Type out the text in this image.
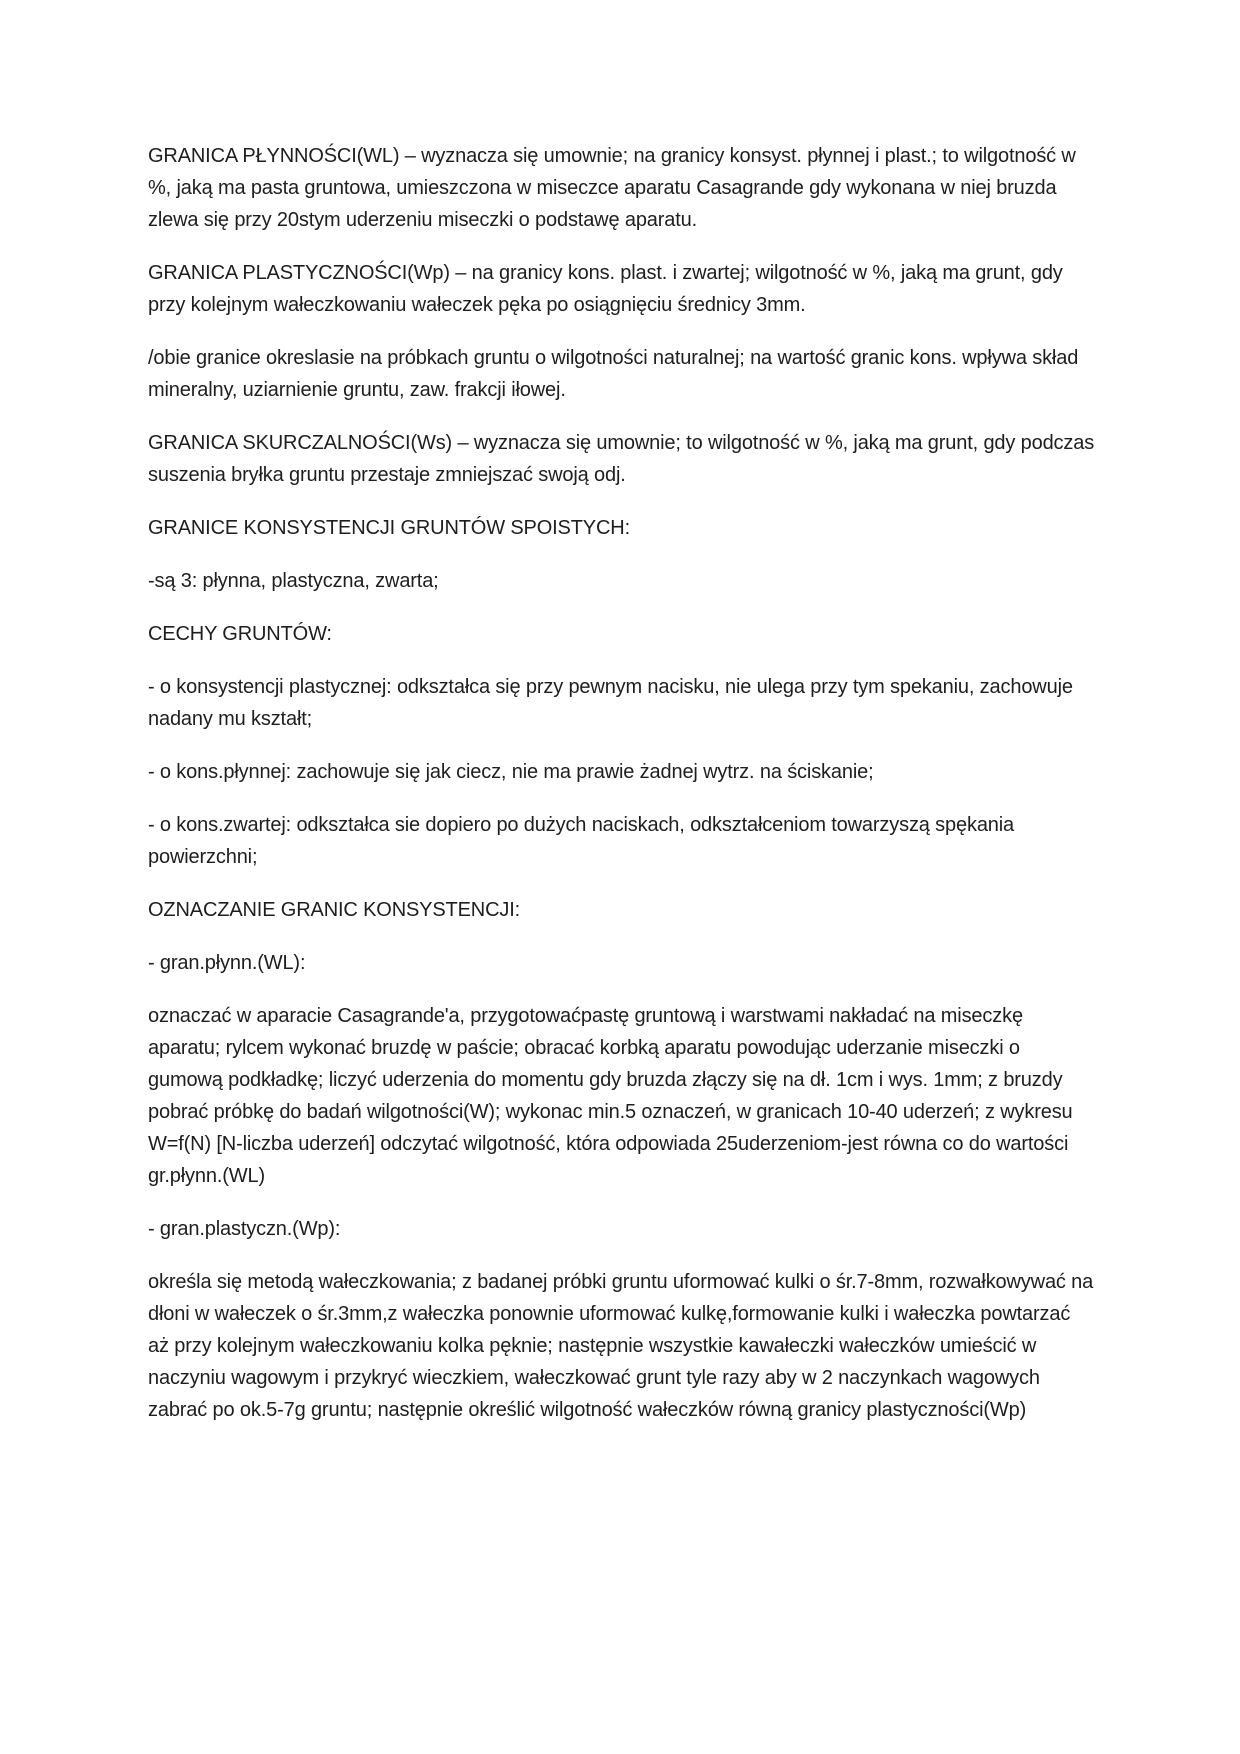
GRANICA PŁYNNOŚCI(WL) – wyznacza się umownie; na granicy konsyst. płynnej i plast.; to wilgotność w %, jaką ma pasta gruntowa, umieszczona w miseczce aparatu Casagrande gdy wykonana w niej bruzda zlewa się przy 20stym uderzeniu miseczki o podstawę aparatu.

GRANICA PLASTYCZNOŚCI(Wp) – na granicy kons. plast. i zwartej; wilgotność w %, jaką ma grunt, gdy przy kolejnym wałeczkowaniu wałeczek pęka po osiągnięciu średnicy 3mm.

/obie granice okreslasie na próbkach gruntu o wilgotności naturalnej; na wartość granic kons. wpływa skład mineralny, uziarnienie gruntu, zaw. frakcji iłowej.

GRANICA SKURCZALNOŚCI(Ws) – wyznacza się umownie; to wilgotność w %, jaką ma grunt, gdy podczas suszenia bryłka gruntu przestaje zmniejszać swoją odj.

GRANICE KONSYSTENCJI GRUNTÓW SPOISTYCH:

-są 3: płynna, plastyczna, zwarta;

CECHY GRUNTÓW:

- o konsystencji plastycznej: odkształca się przy pewnym nacisku, nie ulega przy tym spekaniu, zachowuje nadany mu kształt;

- o kons.płynnej: zachowuje się jak ciecz, nie ma prawie żadnej wytrz. na ściskanie;

- o kons.zwartej: odkształca sie dopiero po dużych naciskach, odkształceniom towarzyszą spękania powierzchni;

OZNACZANIE GRANIC KONSYSTENCJI:

- gran.płynn.(WL):

oznaczać w aparacie Casagrande'a, przygotowaćpastę gruntową i warstwami nakładać na miseczkę aparatu; rylcem wykonać bruzdę w paście; obracać korbką aparatu powodując uderzanie miseczki o gumową podkładkę; liczyć uderzenia do momentu gdy bruzda złączy się na dł. 1cm i wys. 1mm; z bruzdy pobrać próbkę do badań wilgotności(W); wykonac min.5 oznaczeń, w granicach 10-40 uderzeń; z wykresu W=f(N) [N-liczba uderzeń] odczytać wilgotność, która odpowiada 25uderzeniom-jest równa co do wartości gr.płynn.(WL)

- gran.plastyczn.(Wp):

określa się metodą wałeczkowania; z badanej próbki gruntu uformować kulki o śr.7-8mm, rozwałkowywać na dłoni w wałeczek o śr.3mm,z wałeczka ponownie uformować kulkę,formowanie kulki i wałeczka powtarzać aż przy kolejnym wałeczkowaniu kolka pęknie; następnie wszystkie kawałeczki wałeczków umieścić w naczyniu wagowym i przykryć wieczkiem, wałeczkować grunt tyle razy aby w 2 naczynkach wagowych zabrać po ok.5-7g gruntu; następnie określić wilgotność wałeczków równą granicy plastyczności(Wp)
